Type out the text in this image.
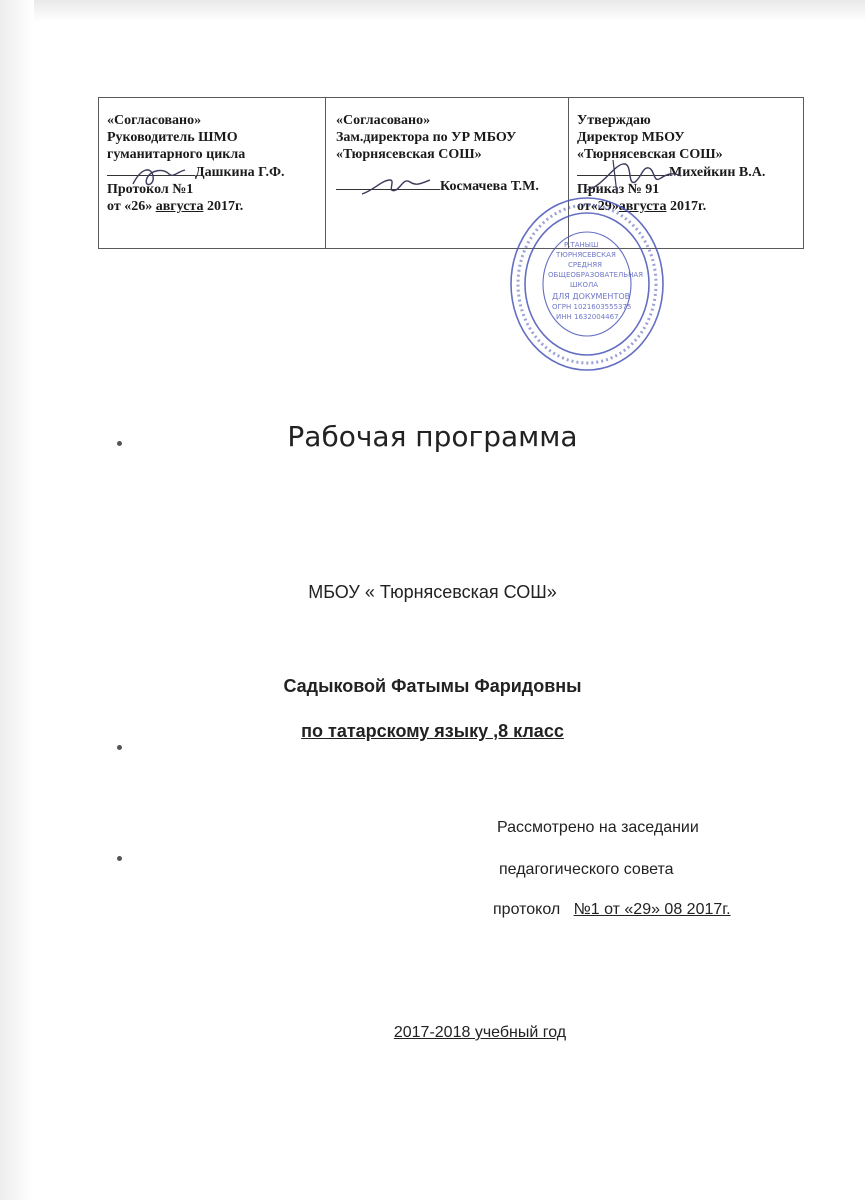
«Согласовано»
Руководитель ШМО
гуманитарного цикла
Дашкина Г.Ф.
Протокол №1
от «26» августа 2017г.
«Согласовано»
Зам.директора по УР МБОУ
«Тюрнясевская СОШ»
Космачева Т.М.
Утверждаю
Директор МБОУ
«Тюрнясевская СОШ»
Михейкин В.А.
Приказ № 91
от«29»августа 2017г.
Р.ТАНЫШ
ТЮРНЯСЕВСКАЯ
СРЕДНЯЯ
ОБЩЕОБРАЗОВАТЕЛЬНАЯ
ШКОЛА
ДЛЯ ДОКУМЕНТОВ
ОГРН 1021603555375
ИНН 1632004467
Рабочая программа
МБОУ « Тюрнясевская СОШ»
Садыковой Фатымы Фаридовны
по татарскому языку ,8 класс
Рассмотрено на заседании
педагогического совета
протокол №1 от «29» 08 2017г.
2017-2018 учебный год
